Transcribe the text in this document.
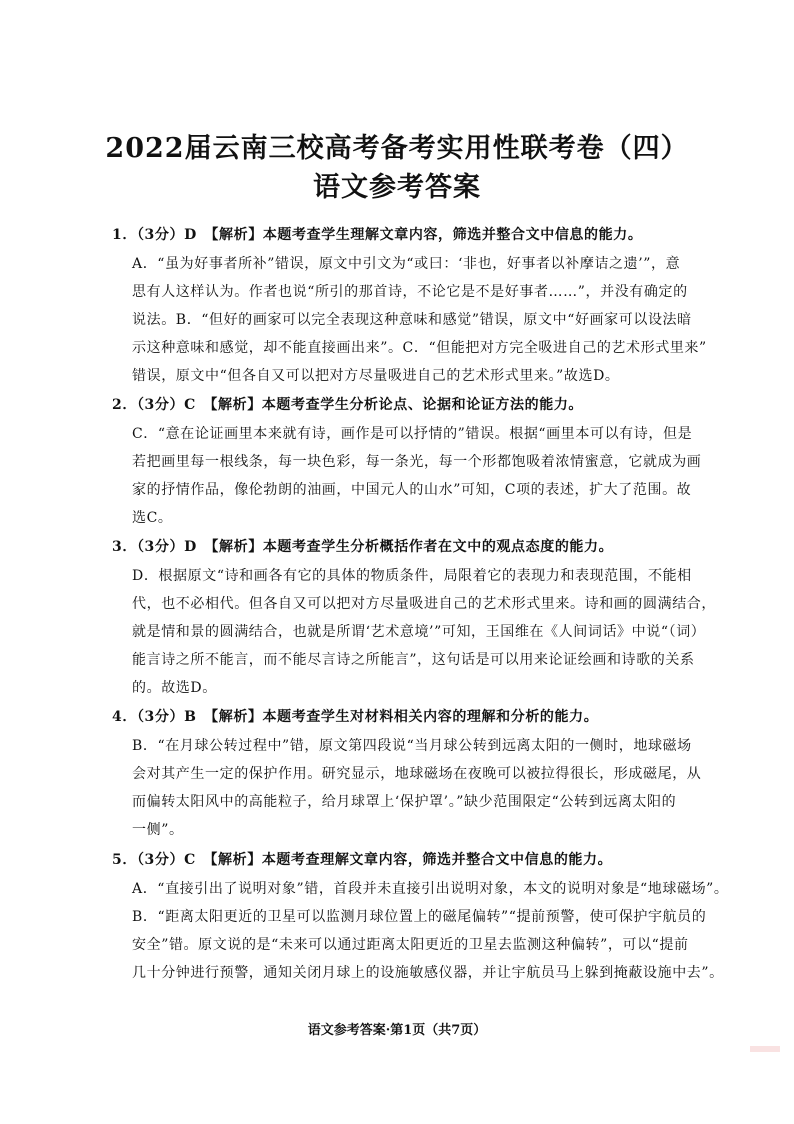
2022届云南三校高考备考实用性联考卷（四）
语文参考答案
1．（3分）D　【解析】本题考查学生理解文章内容，筛选并整合文中信息的能力。
A．“虽为好事者所补”错误，原文中引文为“或曰：‘非也，好事者以补摩诘之遗’”，意
思有人这样认为。作者也说“所引的那首诗，不论它是不是好事者……”，并没有确定的
说法。B．“但好的画家可以完全表现这种意味和感觉”错误，原文中“好画家可以设法暗
示这种意味和感觉，却不能直接画出来”。C．“但能把对方完全吸进自己的艺术形式里来”
错误，原文中“但各自又可以把对方尽量吸进自己的艺术形式里来。”故选D。
2．（3分）C　【解析】本题考查学生分析论点、论据和论证方法的能力。
C．“意在论证画里本来就有诗，画作是可以抒情的”错误。根据“画里本可以有诗，但是
若把画里每一根线条，每一块色彩，每一条光，每一个形都饱吸着浓情蜜意，它就成为画
家的抒情作品，像伦勃朗的油画，中国元人的山水”可知，C项的表述，扩大了范围。故
选C。
3．（3分）D　【解析】本题考查学生分析概括作者在文中的观点态度的能力。
D．根据原文“诗和画各有它的具体的物质条件，局限着它的表现力和表现范围，不能相
代，也不必相代。但各自又可以把对方尽量吸进自己的艺术形式里来。诗和画的圆满结合，
就是情和景的圆满结合，也就是所谓‘艺术意境’”可知，王国维在《人间词话》中说“（词）
能言诗之所不能言，而不能尽言诗之所能言”，这句话是可以用来论证绘画和诗歌的关系
的。故选D。
4．（3分）B　【解析】本题考查学生对材料相关内容的理解和分析的能力。
B．“在月球公转过程中”错，原文第四段说“当月球公转到远离太阳的一侧时，地球磁场
会对其产生一定的保护作用。研究显示，地球磁场在夜晚可以被拉得很长，形成磁尾，从
而偏转太阳风中的高能粒子，给月球罩上‘保护罩’。”缺少范围限定“公转到远离太阳的
一侧”。
5．（3分）C　【解析】本题考查理解文章内容，筛选并整合文中信息的能力。
A．“直接引出了说明对象”错，首段并未直接引出说明对象，本文的说明对象是“地球磁场”。
B．“距离太阳更近的卫星可以监测月球位置上的磁尾偏转”“提前预警，使可保护宇航员的
安全”错。原文说的是“未来可以通过距离太阳更近的卫星去监测这种偏转”，可以“提前
几十分钟进行预警，通知关闭月球上的设施敏感仪器，并让宇航员马上躲到掩蔽设施中去”。
语文参考答案·第1页（共7页）
